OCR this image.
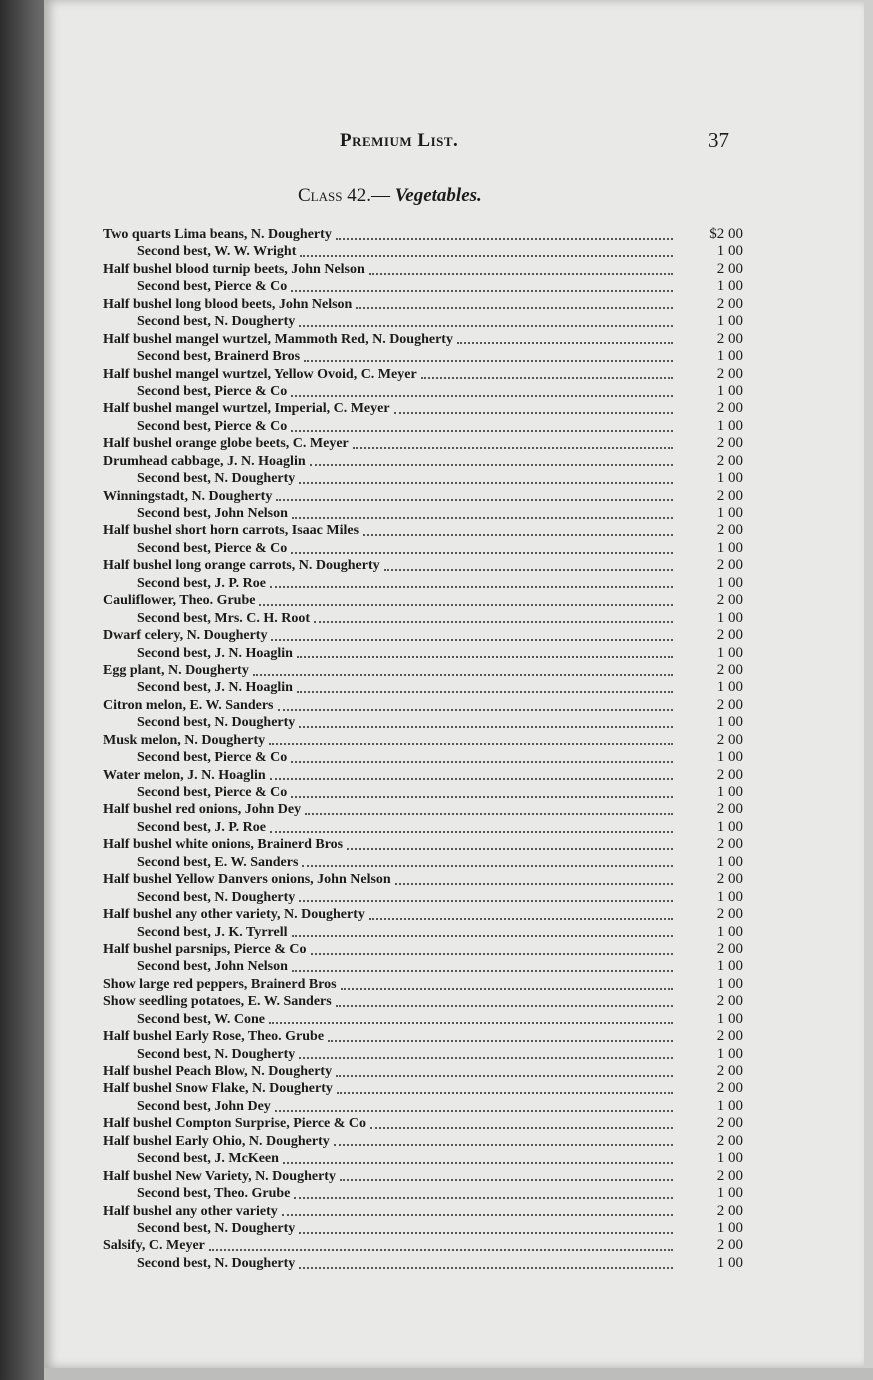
Premium List.	37
Class 42.— Vegetables.
Two quarts Lima beans, N. Dougherty	$2 00
Second best, W. W. Wright	1 00
Half bushel blood turnip beets, John Nelson	2 00
Second best, Pierce & Co	1 00
Half bushel long blood beets, John Nelson	2 00
Second best, N. Dougherty	1 00
Half bushel mangel wurtzel, Mammoth Red, N. Dougherty	2 00
Second best, Brainerd Bros	1 00
Half bushel mangel wurtzel, Yellow Ovoid, C. Meyer	2 00
Second best, Pierce & Co	1 00
Half bushel mangel wurtzel, Imperial, C. Meyer	2 00
Second best, Pierce & Co	1 00
Half bushel orange globe beets, C. Meyer	2 00
Drumhead cabbage, J. N. Hoaglin	2 00
Second best, N. Dougherty	1 00
Winningstadt, N. Dougherty	2 00
Second best, John Nelson	1 00
Half bushel short horn carrots, Isaac Miles	2 00
Second best, Pierce & Co	1 00
Half bushel long orange carrots, N. Dougherty	2 00
Second best, J. P. Roe	1 00
Cauliflower, Theo. Grube	2 00
Second best, Mrs. C. H. Root	1 00
Dwarf celery, N. Dougherty	2 00
Second best, J. N. Hoaglin	1 00
Egg plant, N. Dougherty	2 00
Second best, J. N. Hoaglin	1 00
Citron melon, E. W. Sanders	2 00
Second best, N. Dougherty	1 00
Musk melon, N. Dougherty	2 00
Second best, Pierce & Co	1 00
Water melon, J. N. Hoaglin	2 00
Second best, Pierce & Co	1 00
Half bushel red onions, John Dey	2 00
Second best, J. P. Roe	1 00
Half bushel white onions, Brainerd Bros	2 00
Second best, E. W. Sanders	1 00
Half bushel Yellow Danvers onions, John Nelson	2 00
Second best, N. Dougherty	1 00
Half bushel any other variety, N. Dougherty	2 00
Second best, J. K. Tyrrell	1 00
Half bushel parsnips, Pierce & Co	2 00
Second best, John Nelson	1 00
Show large red peppers, Brainerd Bros	1 00
Show seedling potatoes, E. W. Sanders	2 00
Second best, W. Cone	1 00
Half bushel Early Rose, Theo. Grube	2 00
Second best, N. Dougherty	1 00
Half bushel Peach Blow, N. Dougherty	2 00
Half bushel Snow Flake, N. Dougherty	2 00
Second best, John Dey	1 00
Half bushel Compton Surprise, Pierce & Co	2 00
Half bushel Early Ohio, N. Dougherty	2 00
Second best, J. McKeen	1 00
Half bushel New Variety, N. Dougherty	2 00
Second best, Theo. Grube	1 00
Half bushel any other variety	2 00
Second best, N. Dougherty	1 00
Salsify, C. Meyer	2 00
Second best, N. Dougherty	1 00
